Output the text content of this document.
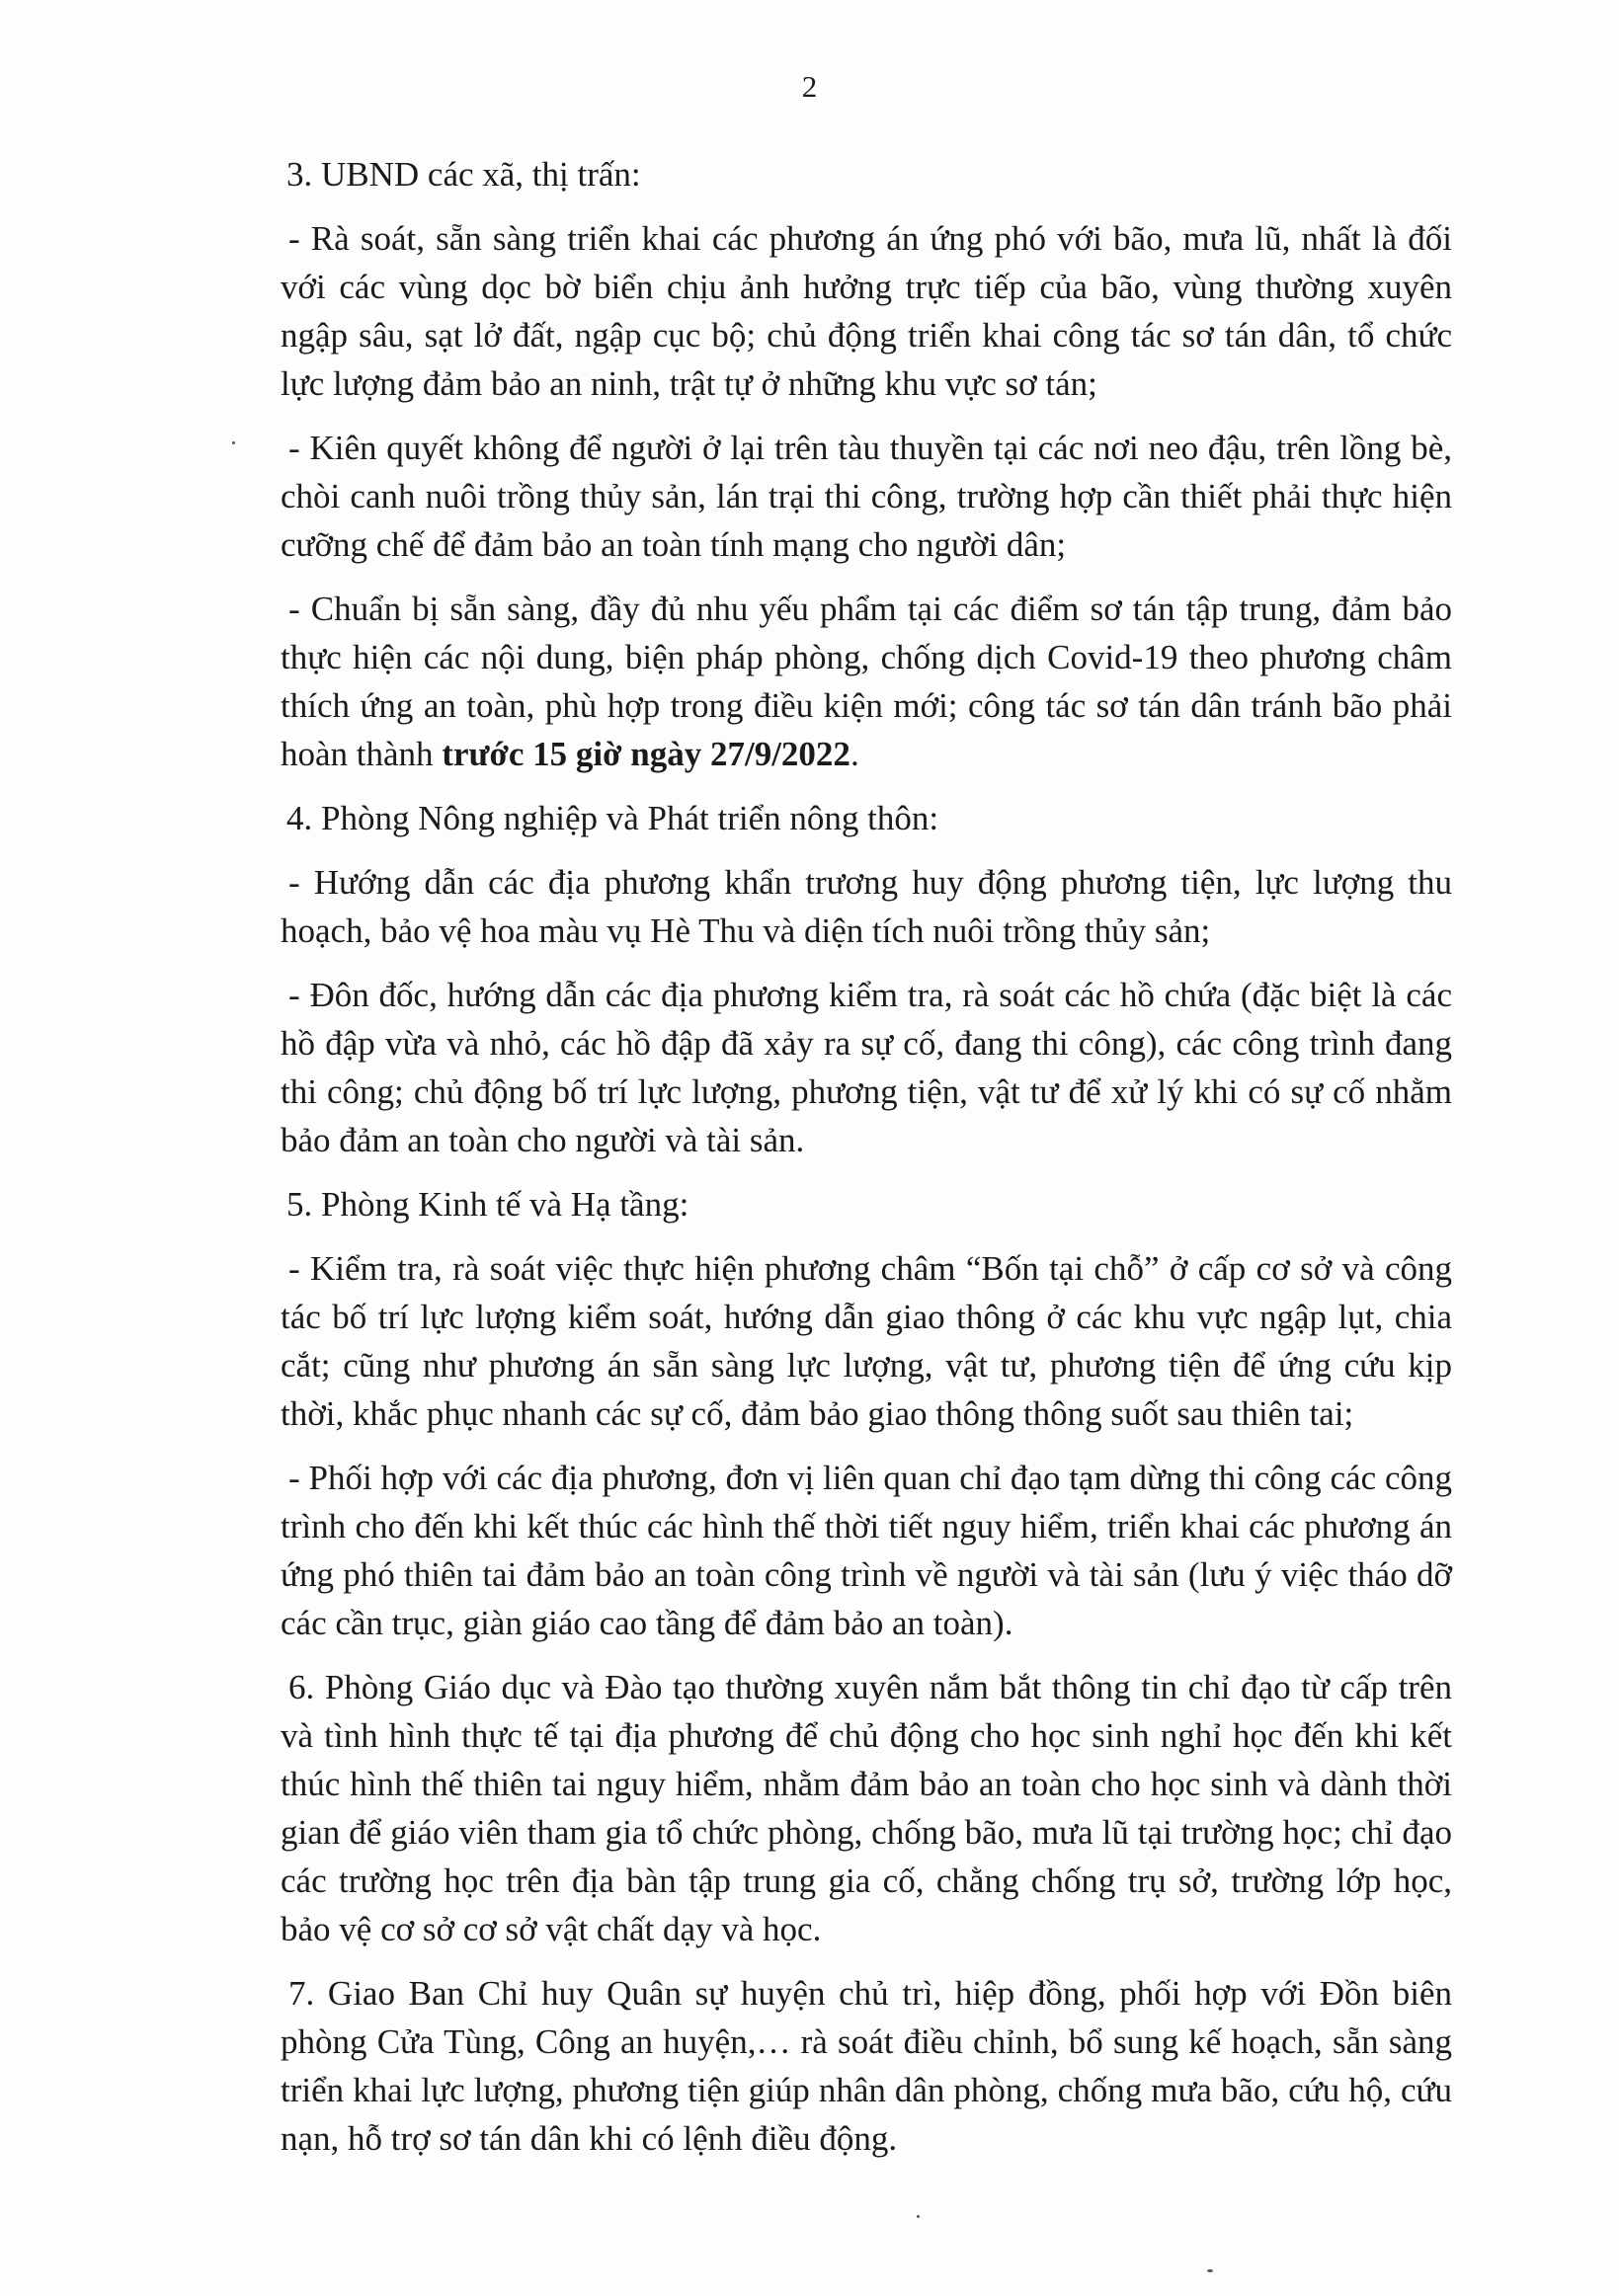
2

3. UBND các xã, thị trấn:

- Rà soát, sẵn sàng triển khai các phương án ứng phó với bão, mưa lũ, nhất là đối với các vùng dọc bờ biển chịu ảnh hưởng trực tiếp của bão, vùng thường xuyên ngập sâu, sạt lở đất, ngập cục bộ; chủ động triển khai công tác sơ tán dân, tổ chức lực lượng đảm bảo an ninh, trật tự ở những khu vực sơ tán;

- Kiên quyết không để người ở lại trên tàu thuyền tại các nơi neo đậu, trên lồng bè, chòi canh nuôi trồng thủy sản, lán trại thi công, trường hợp cần thiết phải thực hiện cưỡng chế để đảm bảo an toàn tính mạng cho người dân;

- Chuẩn bị sẵn sàng, đầy đủ nhu yếu phẩm tại các điểm sơ tán tập trung, đảm bảo thực hiện các nội dung, biện pháp phòng, chống dịch Covid-19 theo phương châm thích ứng an toàn, phù hợp trong điều kiện mới; công tác sơ tán dân tránh bão phải hoàn thành trước 15 giờ ngày 27/9/2022.

4. Phòng Nông nghiệp và Phát triển nông thôn:

- Hướng dẫn các địa phương khẩn trương huy động phương tiện, lực lượng thu hoạch, bảo vệ hoa màu vụ Hè Thu và diện tích nuôi trồng thủy sản;

- Đôn đốc, hướng dẫn các địa phương kiểm tra, rà soát các hồ chứa (đặc biệt là các hồ đập vừa và nhỏ, các hồ đập đã xảy ra sự cố, đang thi công), các công trình đang thi công; chủ động bố trí lực lượng, phương tiện, vật tư để xử lý khi có sự cố nhằm bảo đảm an toàn cho người và tài sản.

5. Phòng Kinh tế và Hạ tầng:

- Kiểm tra, rà soát việc thực hiện phương châm “Bốn tại chỗ” ở cấp cơ sở và công tác bố trí lực lượng kiểm soát, hướng dẫn giao thông ở các khu vực ngập lụt, chia cắt; cũng như phương án sẵn sàng lực lượng, vật tư, phương tiện để ứng cứu kịp thời, khắc phục nhanh các sự cố, đảm bảo giao thông thông suốt sau thiên tai;

- Phối hợp với các địa phương, đơn vị liên quan chỉ đạo tạm dừng thi công các công trình cho đến khi kết thúc các hình thế thời tiết nguy hiểm, triển khai các phương án ứng phó thiên tai đảm bảo an toàn công trình về người và tài sản (lưu ý việc tháo dỡ các cần trục, giàn giáo cao tầng để đảm bảo an toàn).

6. Phòng Giáo dục và Đào tạo thường xuyên nắm bắt thông tin chỉ đạo từ cấp trên và tình hình thực tế tại địa phương để chủ động cho học sinh nghỉ học đến khi kết thúc hình thế thiên tai nguy hiểm, nhằm đảm bảo an toàn cho học sinh và dành thời gian để giáo viên tham gia tổ chức phòng, chống bão, mưa lũ tại trường học; chỉ đạo các trường học trên địa bàn tập trung gia cố, chằng chống trụ sở, trường lớp học, bảo vệ cơ sở cơ sở vật chất dạy và học.

7. Giao Ban Chỉ huy Quân sự huyện chủ trì, hiệp đồng, phối hợp với Đồn biên phòng Cửa Tùng, Công an huyện,… rà soát điều chỉnh, bổ sung kế hoạch, sẵn sàng triển khai lực lượng, phương tiện giúp nhân dân phòng, chống mưa bão, cứu hộ, cứu nạn, hỗ trợ sơ tán dân khi có lệnh điều động.
